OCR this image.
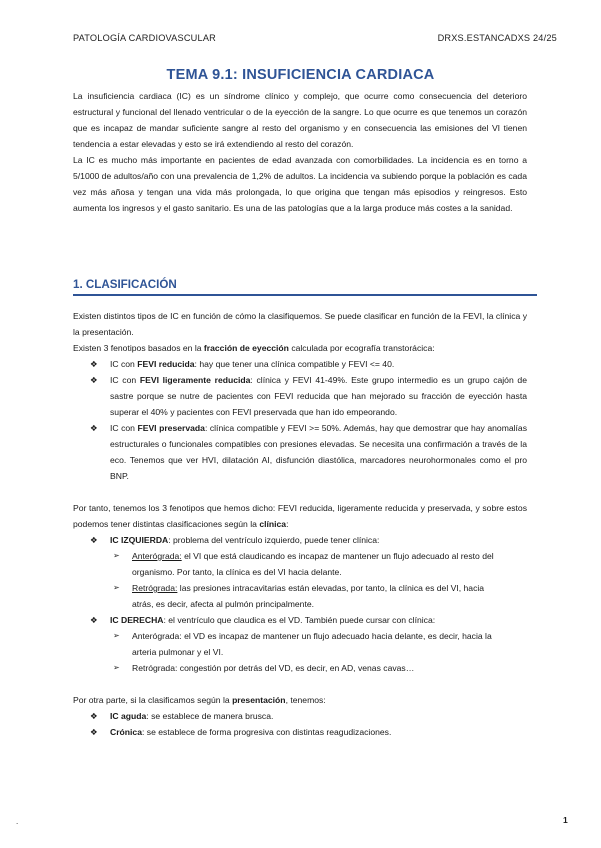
PATOLOGÍA CARDIOVASCULAR	DRXS.ESTANCADXS 24/25
TEMA 9.1: INSUFICIENCIA CARDIACA

La insuficiencia cardiaca (IC) es un síndrome clínico y complejo, que ocurre como consecuencia del deterioro estructural y funcional del llenado ventricular o de la eyección de la sangre. Lo que ocurre es que tenemos un corazón que es incapaz de mandar suficiente sangre al resto del organismo y en consecuencia las emisiones del VI tienen tendencia a estar elevadas y esto se irá extendiendo al resto del corazón.

La IC es mucho más importante en pacientes de edad avanzada con comorbilidades. La incidencia es en torno a 5/1000 de adultos/año con una prevalencia de 1,2% de adultos. La incidencia va subiendo porque la población es cada vez más añosa y tengan una vida más prolongada, lo que origina que tengan más episodios y reingresos. Esto aumenta los ingresos y el gasto sanitario. Es una de las patologías que a la larga produce más costes a la sanidad.

1. CLASIFICACIÓN

Existen distintos tipos de IC en función de cómo la clasifiquemos. Se puede clasificar en función de la FEVI, la clínica y la presentación.

Existen 3 fenotipos basados en la fracción de eyección calculada por ecografía transtorácica:

❖ IC con FEVI reducida: hay que tener una clínica compatible y FEVI <= 40.
❖ IC con FEVI ligeramente reducida: clínica y FEVI 41-49%. Este grupo intermedio es un grupo cajón de sastre porque se nutre de pacientes con FEVI reducida que han mejorado su fracción de eyección hasta superar el 40% y pacientes con FEVI preservada que han ido empeorando.
❖ IC con FEVI preservada: clínica compatible y FEVI >= 50%. Además, hay que demostrar que hay anomalías estructurales o funcionales compatibles con presiones elevadas. Se necesita una confirmación a través de la eco. Tenemos que ver HVI, dilatación AI, disfunción diastólica, marcadores neurohormonales como el pro BNP.

Por tanto, tenemos los 3 fenotipos que hemos dicho: FEVI reducida, ligeramente reducida y preservada, y sobre estos podemos tener distintas clasificaciones según la clínica:

❖ IC IZQUIERDA: problema del ventrículo izquierdo, puede tener clínica:
➢ Anterógrada: el VI que está claudicando es incapaz de mantener un flujo adecuado al resto del organismo. Por tanto, la clínica es del VI hacia delante.
➢ Retrógrada: las presiones intracavitarias están elevadas, por tanto, la clínica es del VI, hacia atrás, es decir, afecta al pulmón principalmente.
❖ IC DERECHA: el ventrículo que claudica es el VD. También puede cursar con clínica:
➢ Anterógrada: el VD es incapaz de mantener un flujo adecuado hacia delante, es decir, hacia la arteria pulmonar y el VI.
➢ Retrógrada: congestión por detrás del VD, es decir, en AD, venas cavas…

Por otra parte, si la clasificamos según la presentación, tenemos:

❖ IC aguda: se establece de manera brusca.
❖ Crónica: se establece de forma progresiva con distintas reagudizaciones.
.	1
